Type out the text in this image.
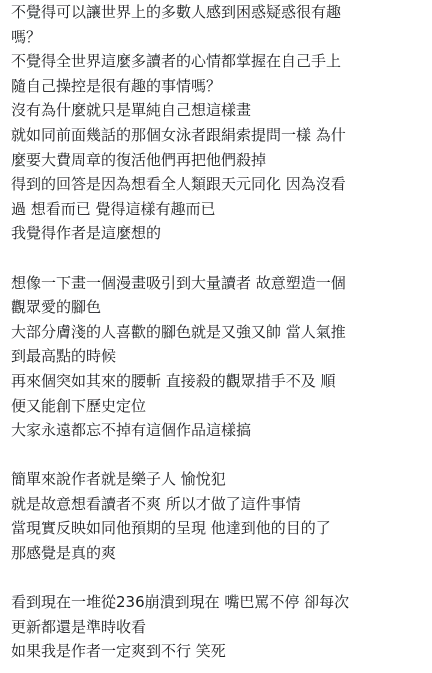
不覺得可以讓世界上的多數人感到困惑疑惑很有趣
嗎？
不覺得全世界這麼多讀者的心情都掌握在自己手上
隨自己操控是很有趣的事情嗎？
沒有為什麼就只是單純自己想這樣畫
就如同前面幾話的那個女泳者跟絹索提問一樣 為什
麼要大費周章的復活他們再把他們殺掉
得到的回答是因為想看全人類跟天元同化 因為沒看
過 想看而已 覺得這樣有趣而已
我覺得作者是這麼想的
想像一下畫一個漫畫吸引到大量讀者 故意塑造一個
觀眾愛的腳色
大部分膚淺的人喜歡的腳色就是又強又帥 當人氣推
到最高點的時候
再來個突如其來的腰斬 直接殺的觀眾措手不及 順
便又能創下歷史定位
大家永遠都忘不掉有這個作品這樣搞
簡單來說作者就是樂子人 愉悅犯
就是故意想看讀者不爽 所以才做了這件事情
當現實反映如同他預期的呈現 他達到他的目的了
那感覺是真的爽
看到現在一堆從236崩潰到現在 嘴巴罵不停 卻每次
更新都還是準時收看
如果我是作者一定爽到不行 笑死
